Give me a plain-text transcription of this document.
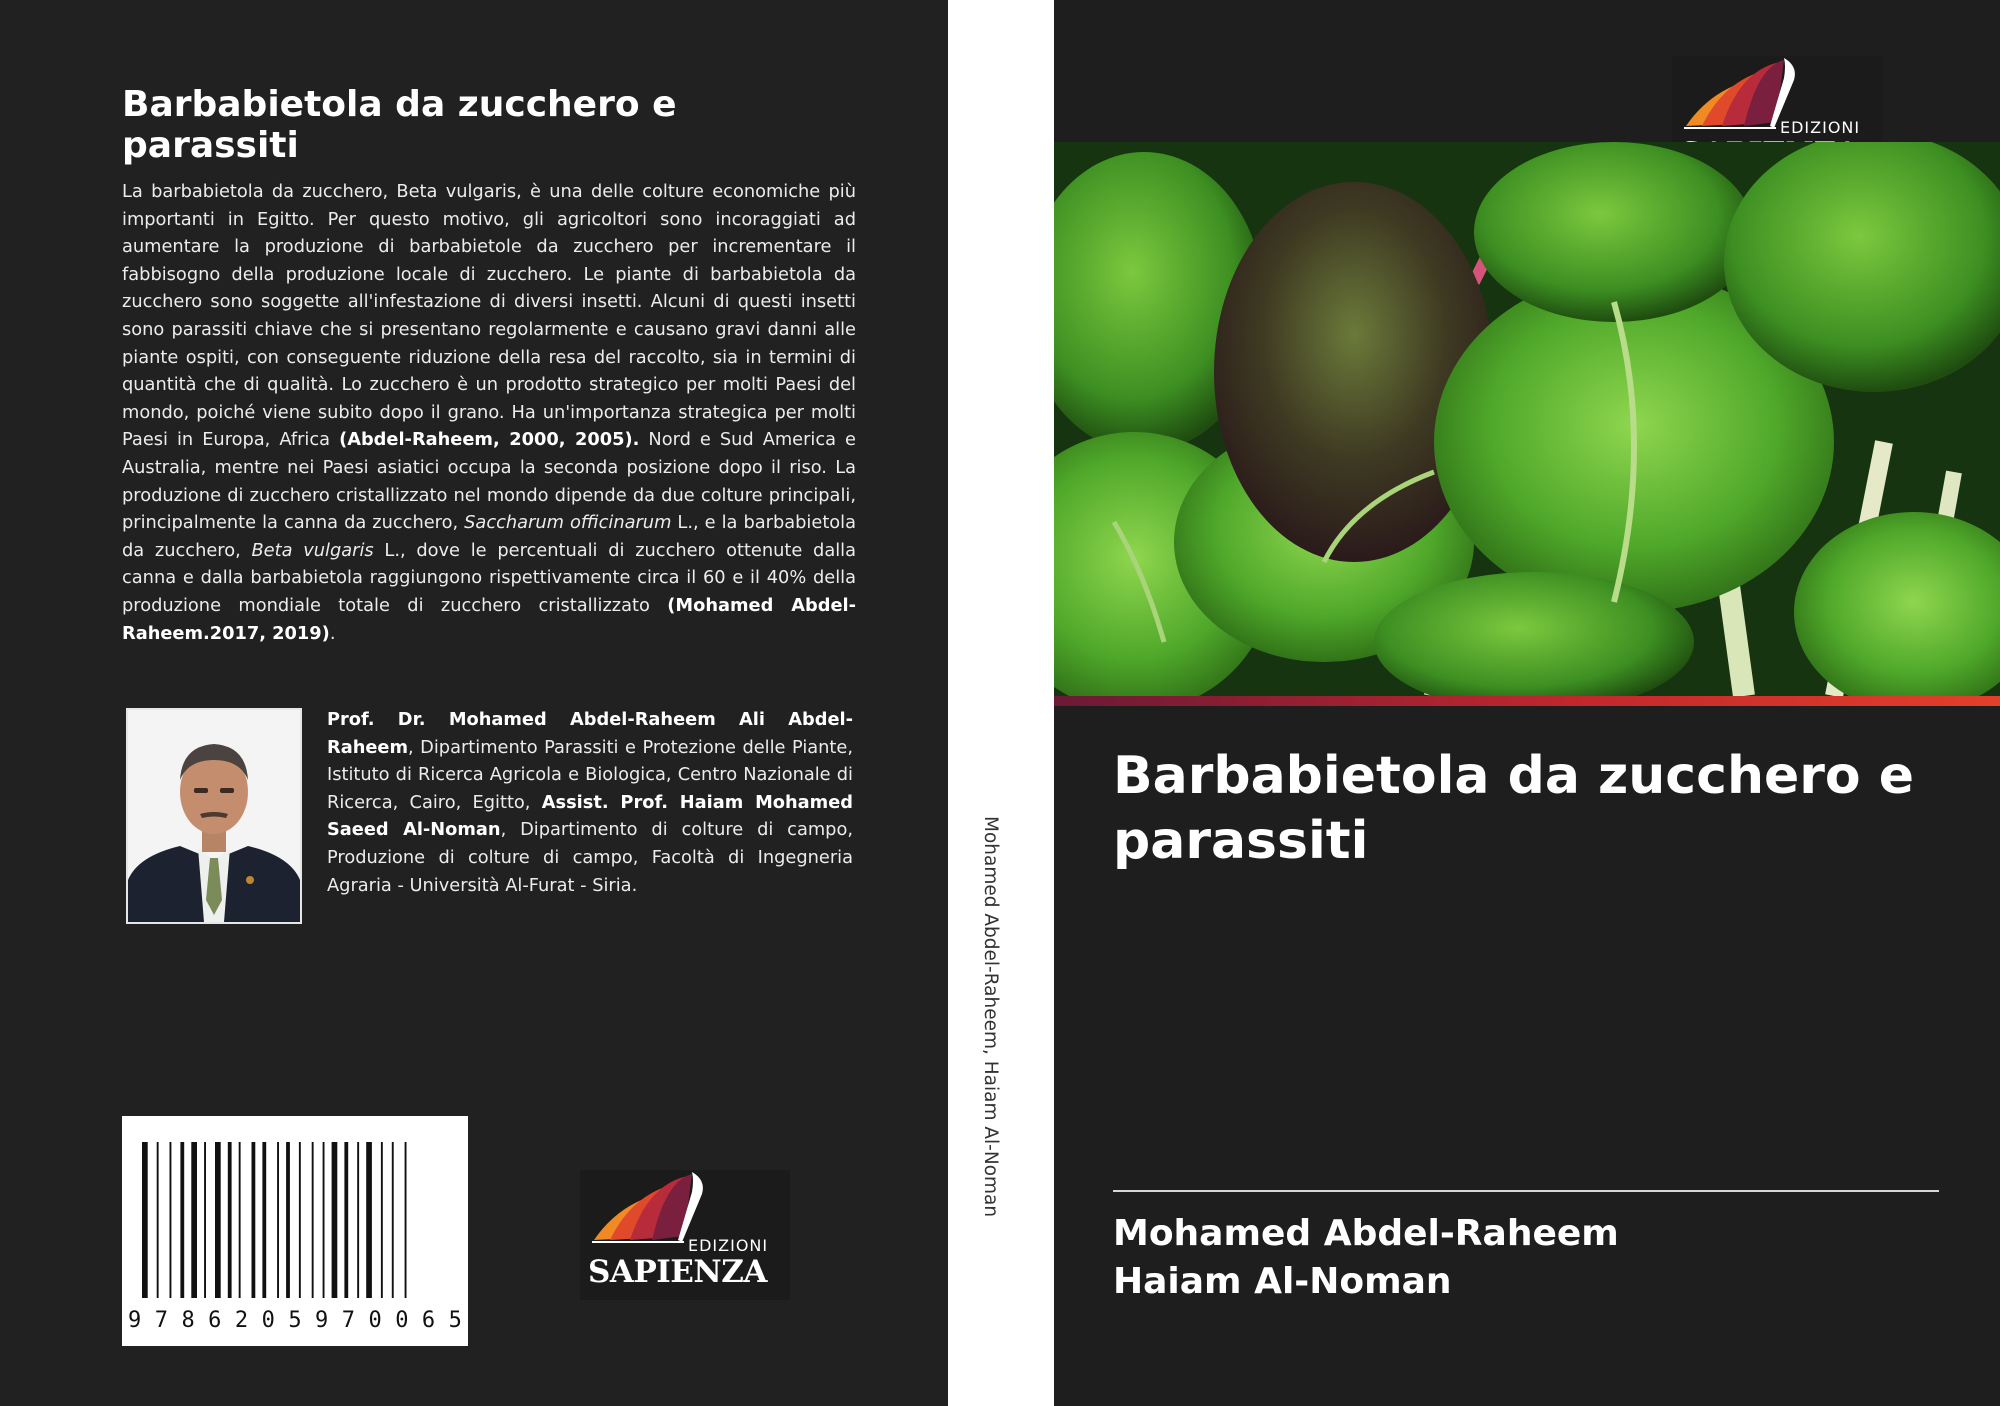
Barbabietola da zucchero e parassiti

La barbabietola da zucchero, Beta vulgaris, è una delle colture economiche più importanti in Egitto. Per questo motivo, gli agricoltori sono incoraggiati ad aumentare la produzione di barbabietole da zucchero per incrementare il fabbisogno della produzione locale di zucchero. Le piante di barbabietola da zucchero sono soggette all'infestazione di diversi insetti. Alcuni di questi insetti sono parassiti chiave che si presentano regolarmente e causano gravi danni alle piante ospiti, con conseguente riduzione della resa del raccolto, sia in termini di quantità che di qualità. Lo zucchero è un prodotto strategico per molti Paesi del mondo, poiché viene subito dopo il grano. Ha un'importanza strategica per molti Paesi in Europa, Africa (Abdel-Raheem, 2000, 2005). Nord e Sud America e Australia, mentre nei Paesi asiatici occupa la seconda posizione dopo il riso. La produzione di zucchero cristallizzato nel mondo dipende da due colture principali, principalmente la canna da zucchero, Saccharum officinarum L., e la barbabietola da zucchero, Beta vulgaris L., dove le percentuali di zucchero ottenute dalla canna e dalla barbabietola raggiungono rispettivamente circa il 60 e il 40% della produzione mondiale totale di zucchero cristallizzato (Mohamed Abdel-Raheem.2017, 2019).

Prof. Dr. Mohamed Abdel-Raheem Ali Abdel-Raheem, Dipartimento Parassiti e Protezione delle Piante, Istituto di Ricerca Agricola e Biologica, Centro Nazionale di Ricerca, Cairo, Egitto, Assist. Prof. Haiam Mohamed Saeed Al-Noman, Dipartimento di colture di campo, Produzione di colture di campo, Facoltà di Ingegneria Agraria - Università Al-Furat - Siria.

9 7 8 6 2 0 5 9 7 0 0 6 5
EDIZIONI
SAPIENZA
Mohamed Abdel-Raheem, Haiam Al-Noman
EDIZIONI
Barbabietola da zucchero e parassiti
Mohamed Abdel-Raheem
Haiam Al-Noman
